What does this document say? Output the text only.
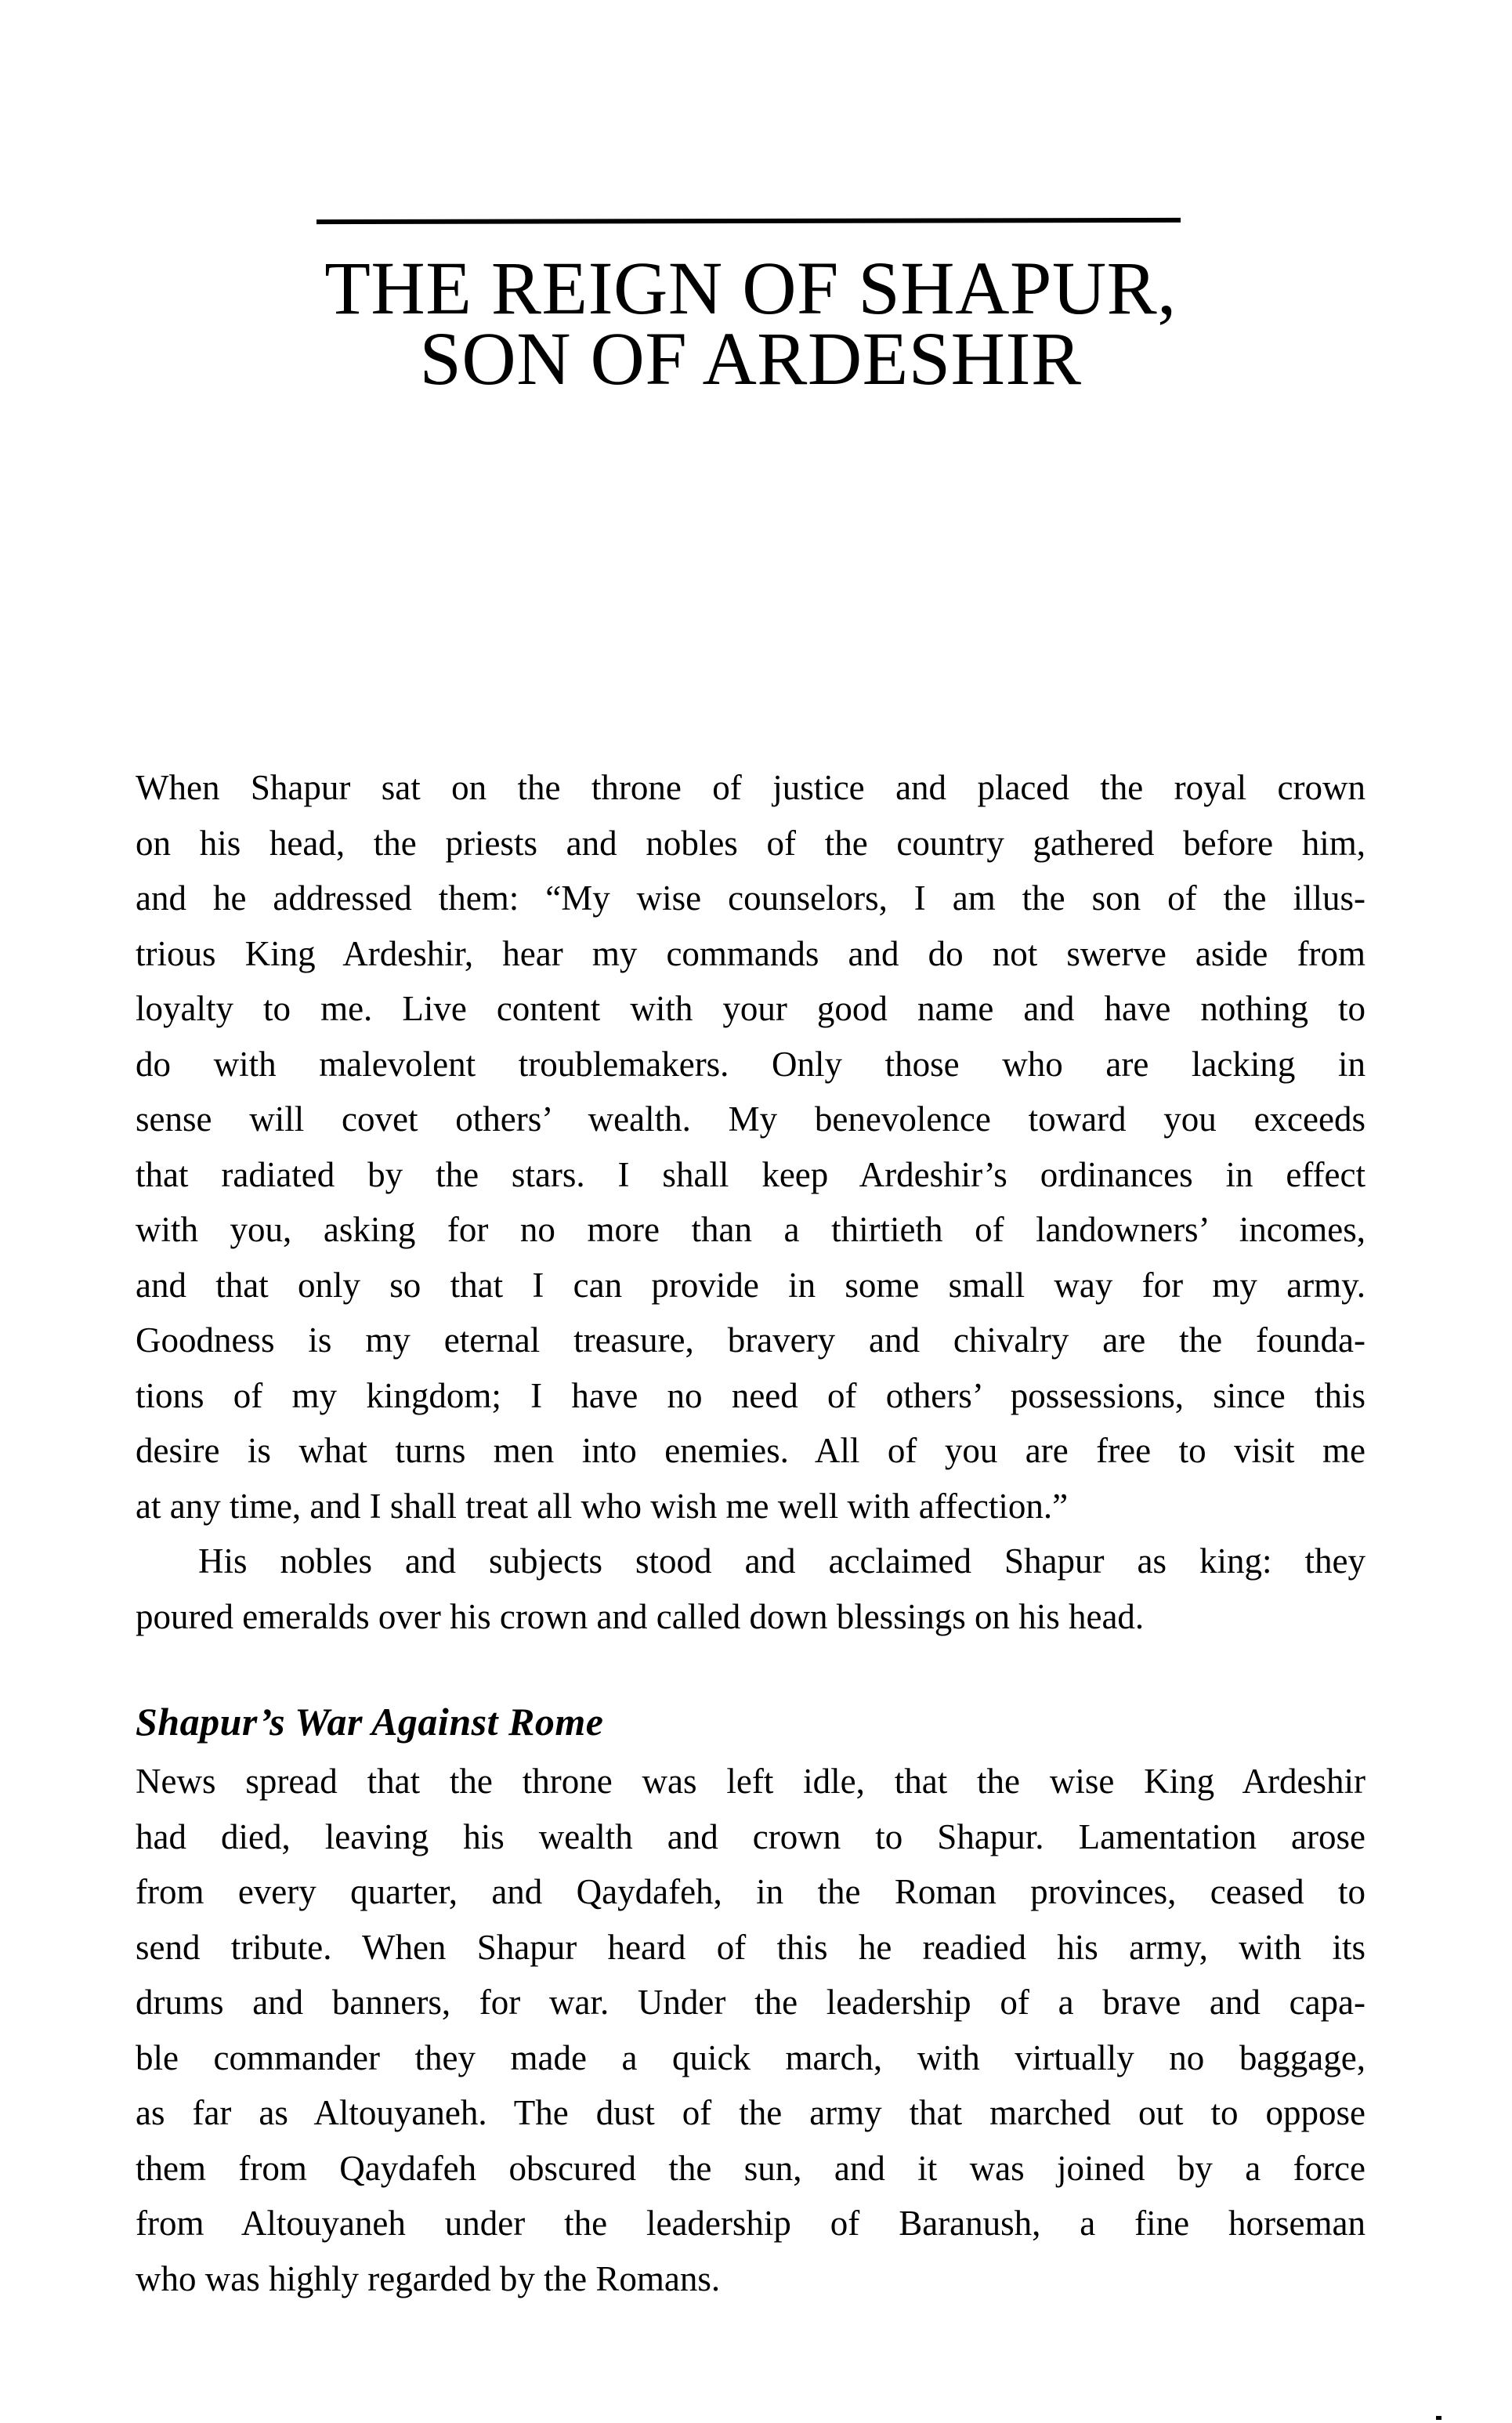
THE REIGN OF SHAPUR,
SON OF ARDESHIR
When Shapur sat on the throne of justice and placed the royal crown
on his head, the priests and nobles of the country gathered before him,
and he addressed them: “My wise counselors, I am the son of the illus-
trious King Ardeshir, hear my commands and do not swerve aside from
loyalty to me. Live content with your good name and have nothing to
do with malevolent troublemakers. Only those who are lacking in
sense will covet others’ wealth. My benevolence toward you exceeds
that radiated by the stars. I shall keep Ardeshir’s ordinances in effect
with you, asking for no more than a thirtieth of landowners’ incomes,
and that only so that I can provide in some small way for my army.
Goodness is my eternal treasure, bravery and chivalry are the founda-
tions of my kingdom; I have no need of others’ possessions, since this
desire is what turns men into enemies. All of you are free to visit me
at any time, and I shall treat all who wish me well with affection.”
His nobles and subjects stood and acclaimed Shapur as king: they
poured emeralds over his crown and called down blessings on his head.
Shapur’s War Against Rome
News spread that the throne was left idle, that the wise King Ardeshir
had died, leaving his wealth and crown to Shapur. Lamentation arose
from every quarter, and Qaydafeh, in the Roman provinces, ceased to
send tribute. When Shapur heard of this he readied his army, with its
drums and banners, for war. Under the leadership of a brave and capa-
ble commander they made a quick march, with virtually no baggage,
as far as Altouyaneh. The dust of the army that marched out to oppose
them from Qaydafeh obscured the sun, and it was joined by a force
from Altouyaneh under the leadership of Baranush, a fine horseman
who was highly regarded by the Romans.
